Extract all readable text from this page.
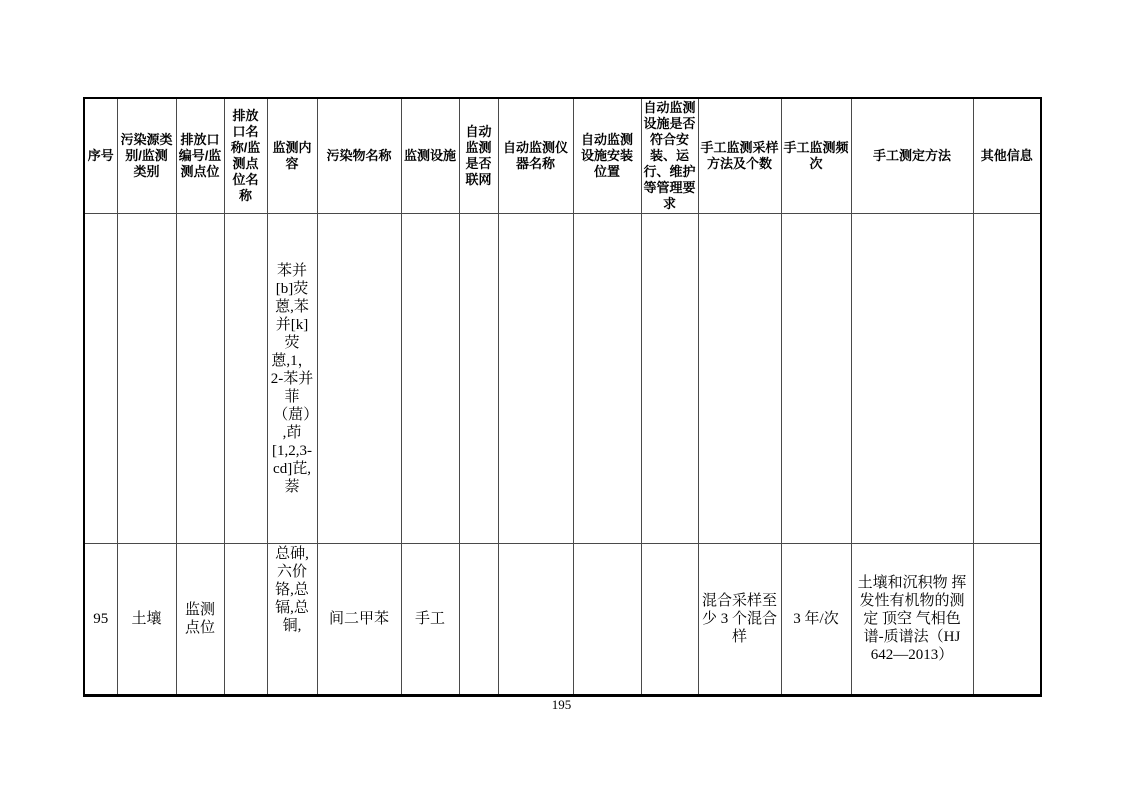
序号	污染源类别/监测类别	排放口编号/监测点位	排放口名称/监测点位名称	监测内容	污染物名称	监测设施	自动监测是否联网	自动监测仪器名称	自动监测设施安装位置	自动监测设施是否符合安装、运行、维护等管理要求	手工监测采样方法及个数	手工监测频次	手工测定方法	其他信息
				苯并[b]荧蒽,苯并[k]荧蒽,1，2-苯并菲（䓛）,茚[1,2,3-cd]芘,萘										
95	土壤	监测点位		总砷,六价铬,总镉,总铜,	间二甲苯	手工					混合采样至少 3 个混合样	3 年/次	土壤和沉积物 挥发性有机物的测定 顶空 气相色谱-质谱法（HJ 642—2013）	
195
